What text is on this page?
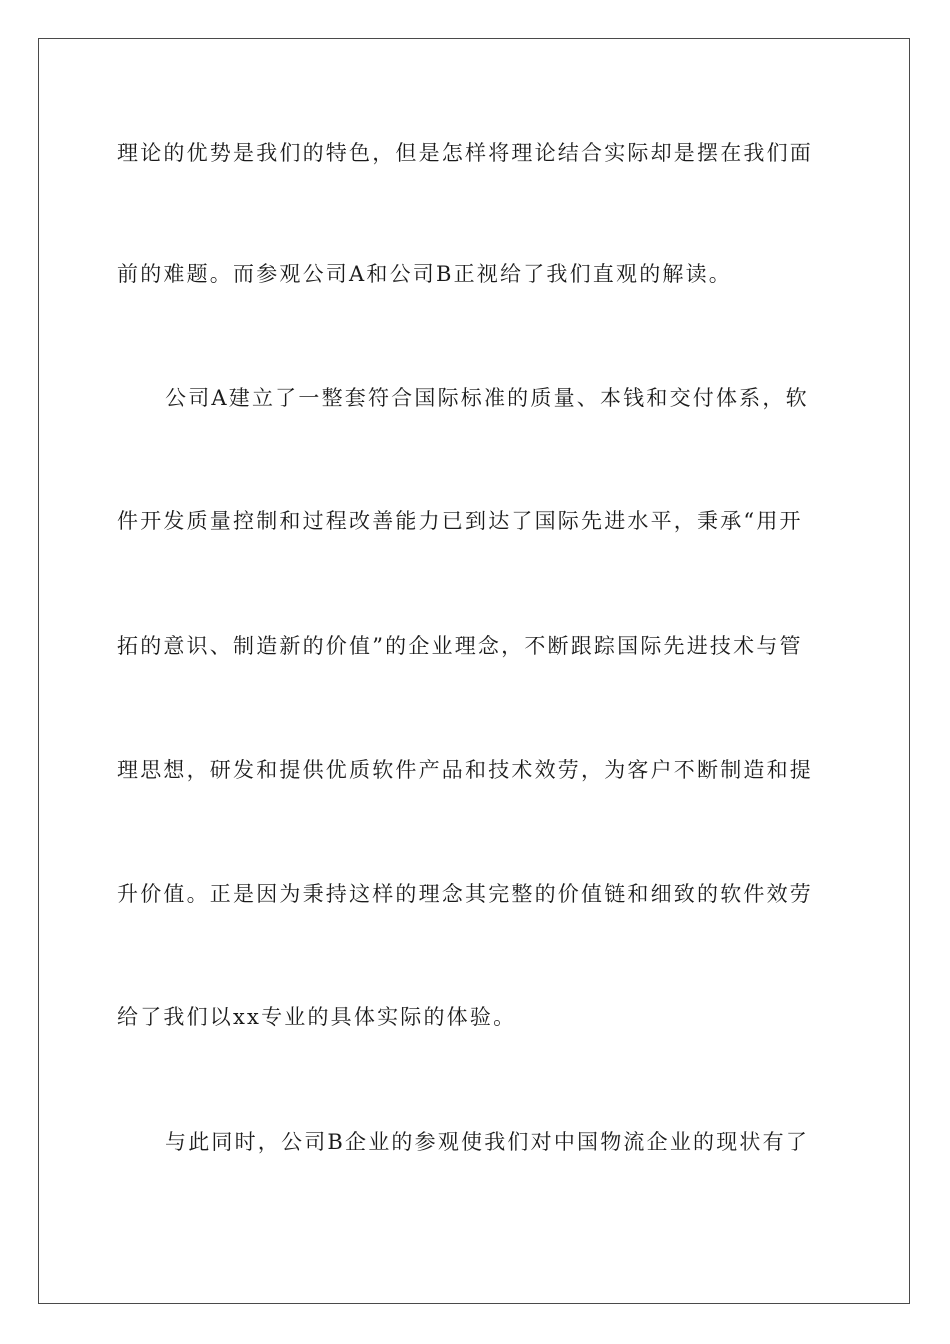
理论的优势是我们的特色，但是怎样将理论结合实际却是摆在我们面
前的难题。而参观公司A和公司B正视给了我们直观的解读。
公司A建立了一整套符合国际标准的质量、本钱和交付体系，软
件开发质量控制和过程改善能力已到达了国际先进水平，秉承“用开
拓的意识、制造新的价值”的企业理念，不断跟踪国际先进技术与管
理思想，研发和提供优质软件产品和技术效劳，为客户不断制造和提
升价值。正是因为秉持这样的理念其完整的价值链和细致的软件效劳
给了我们以xx专业的具体实际的体验。
与此同时，公司B企业的参观使我们对中国物流企业的现状有了
